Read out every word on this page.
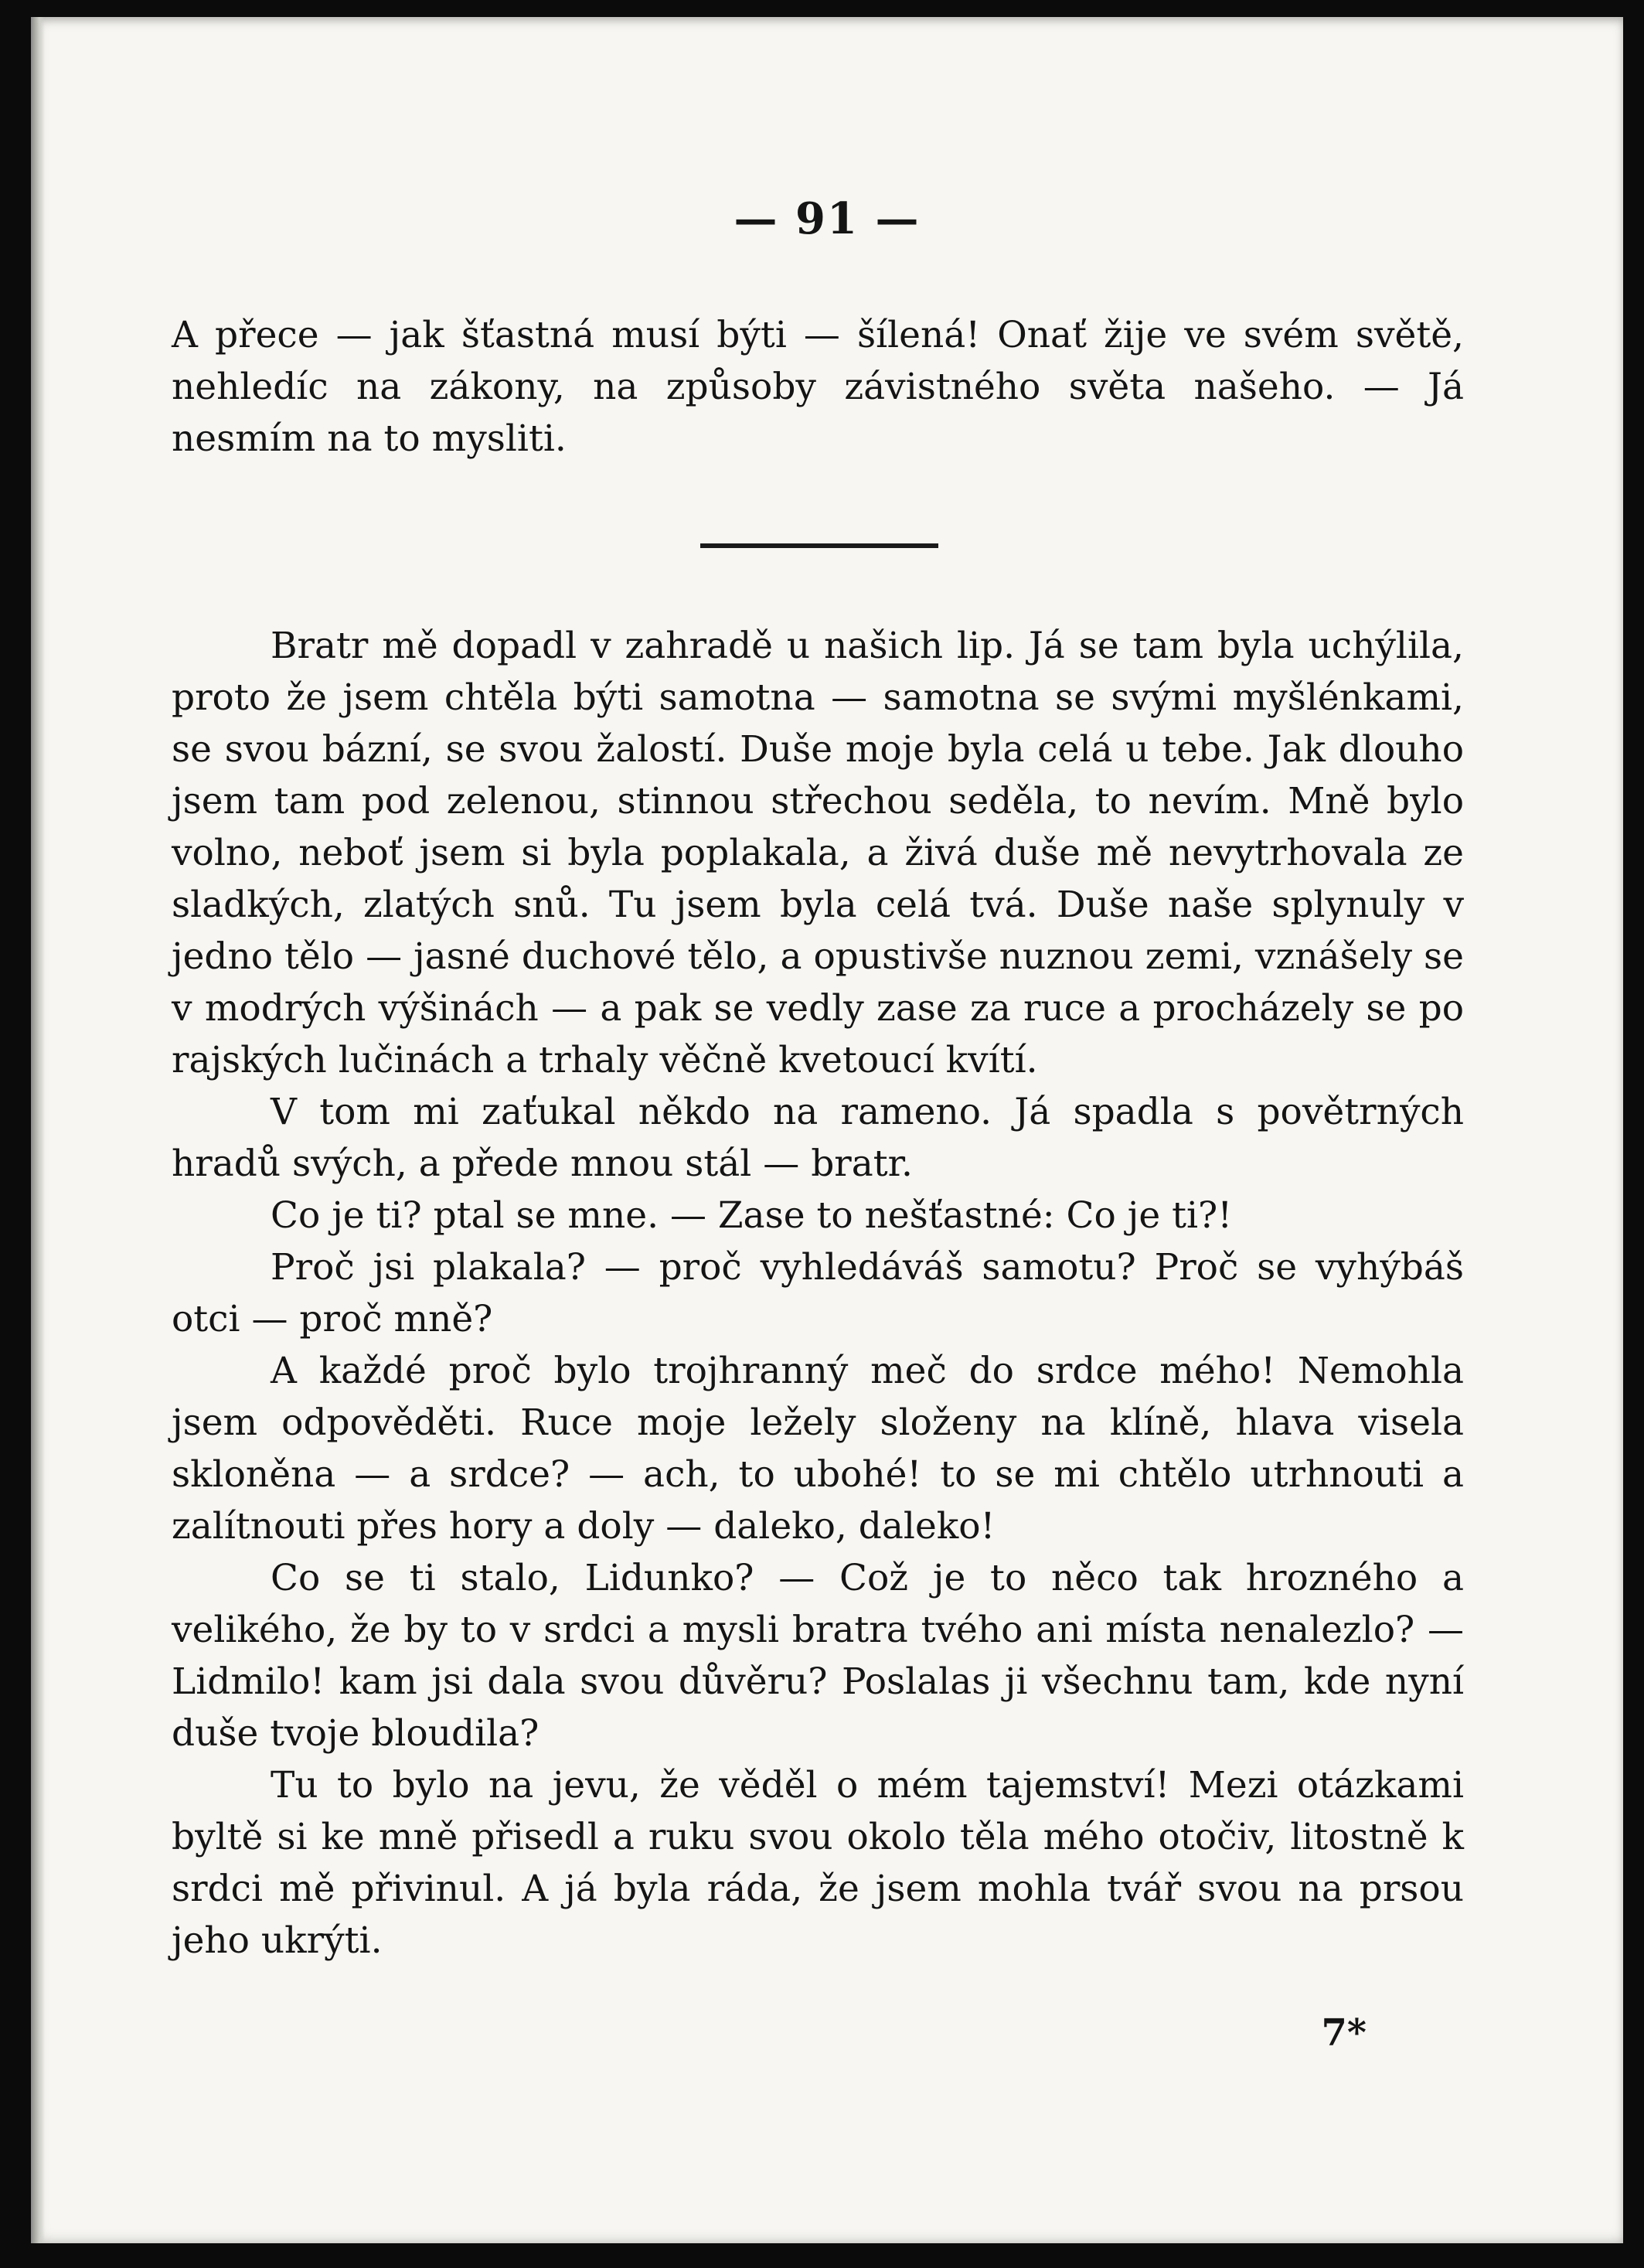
— 91 —

A přece — jak šťastná musí býti — šílená! Onať žije ve svém světě, nehledíc na zákony, na způsoby závistného světa našeho. — Já nesmím na to mysliti.

Bratr mě dopadl v zahradě u našich lip. Já se tam byla uchýlila, proto že jsem chtěla býti samotna — samotna se svými myšlénkami, se svou bázní, se svou žalostí. Duše moje byla celá u tebe. Jak dlouho jsem tam pod zelenou, stinnou střechou seděla, to nevím. Mně bylo volno, neboť jsem si byla poplakala, a živá duše mě nevytrhovala ze sladkých, zlatých snů. Tu jsem byla celá tvá. Duše naše splynuly v jedno tělo — jasné duchové tělo, a opustivše nuznou zemi, vznášely se v modrých výšinách — a pak se vedly zase za ruce a procházely se po rajských lučinách a trhaly věčně kvetoucí kvítí.

V tom mi zaťukal někdo na rameno. Já spadla s povětrných hradů svých, a přede mnou stál — bratr.

Co je ti? ptal se mne. — Zase to nešťastné: Co je ti?!

Proč jsi plakala? — proč vyhledáváš samotu? Proč se vyhýbáš otci — proč mně?

A každé proč bylo trojhranný meč do srdce mého! Nemohla jsem odpověděti. Ruce moje ležely složeny na klíně, hlava visela skloněna — a srdce? — ach, to ubohé! to se mi chtělo utrhnouti a zalítnouti přes hory a doly — daleko, daleko!

Co se ti stalo, Lidunko? — Což je to něco tak hrozného a velikého, že by to v srdci a mysli bratra tvého ani místa nenalezlo? — Lidmilo! kam jsi dala svou důvěru? Poslalas ji všechnu tam, kde nyní duše tvoje bloudila?

Tu to bylo na jevu, že věděl o mém tajemství! Mezi otázkami byltě si ke mně přisedl a ruku svou okolo těla mého otočiv, litostně k srdci mě přivinul. A já byla ráda, že jsem mohla tvář svou na prsou jeho ukrýti.

7*
